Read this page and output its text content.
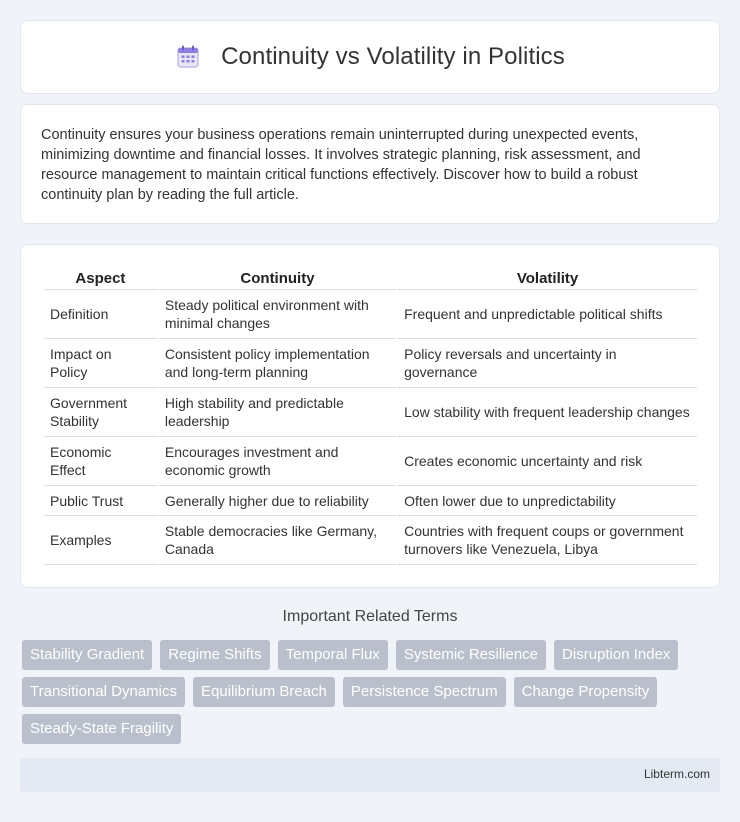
Continuity vs Volatility in Politics

Continuity ensures your business operations remain uninterrupted during unexpected events, minimizing downtime and financial losses. It involves strategic planning, risk assessment, and resource management to maintain critical functions effectively. Discover how to build a robust continuity plan by reading the full article.

Aspect	Continuity	Volatility
Definition	Steady political environment with minimal changes	Frequent and unpredictable political shifts
Impact on Policy	Consistent policy implementation and long-term planning	Policy reversals and uncertainty in governance
Government Stability	High stability and predictable leadership	Low stability with frequent leadership changes
Economic Effect	Encourages investment and economic growth	Creates economic uncertainty and risk
Public Trust	Generally higher due to reliability	Often lower due to unpredictability
Examples	Stable democracies like Germany, Canada	Countries with frequent coups or government turnovers like Venezuela, Libya
Important Related Terms
Stability Gradient	Regime Shifts	Temporal Flux	Systemic Resilience	Disruption Index
Transitional Dynamics	Equilibrium Breach	Persistence Spectrum	Change Propensity
Steady-State Fragility
Libterm.com
